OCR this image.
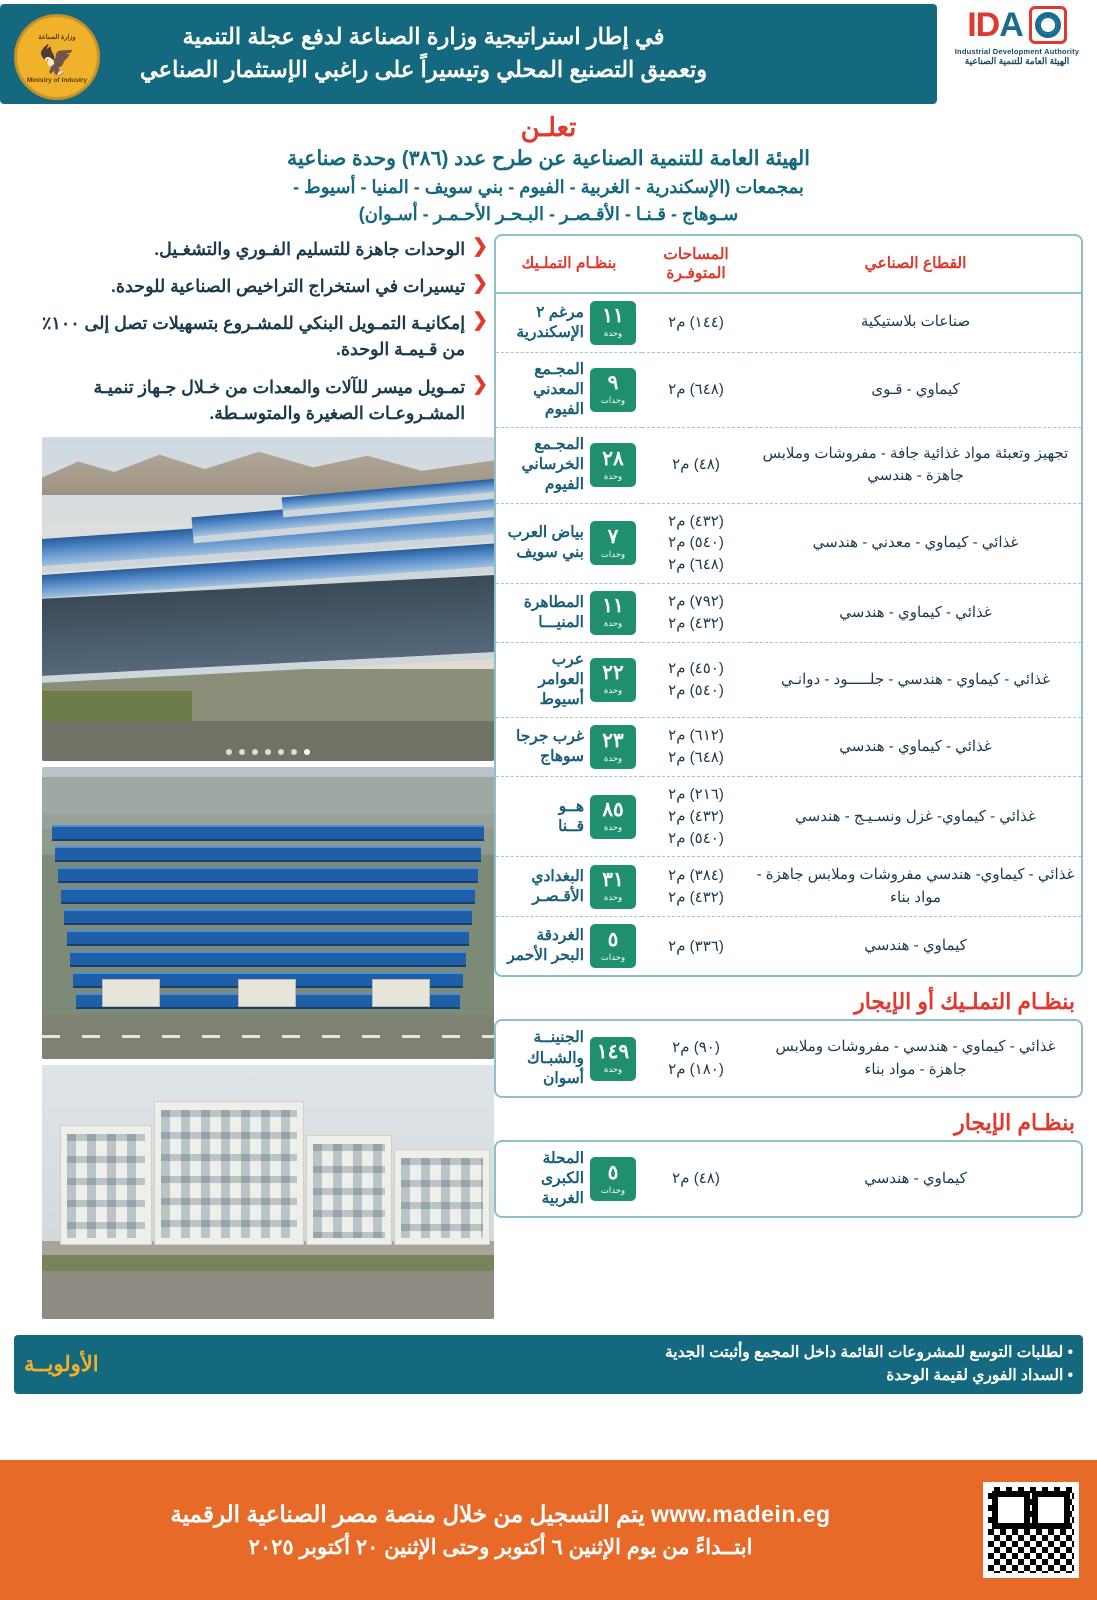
IDA
Industrial Development Authority
الهيئة العامة للتنمية الصناعية
في إطار استراتيجية وزارة الصناعة لدفع عجلة التنمية
وتعميق التصنيع المحلي وتيسيراً على راغبي الإستثمار الصناعي
وزارة الصناعة
🦅
Ministry of Industry
تعلـن
الهيئة العامة للتنمية الصناعية عن طرح عدد (٣٨٦) وحدة صناعية
بمجمعات (الإسكندرية - الغربية - الفيوم - بني سويف - المنيا - أسيوط -
سـوهاج - قـنـا - الأقـصـر - البـحـر الأحـمـر - أسـوان)
القطاع الصناعي	المساحات المتوفـرة	بنظـام التملـيك
صناعات بلاستيكية	(١٤٤) م٢	١١
وحدة
مرغم ٢
الإسكندرية

كيماوي - قـوى	(٦٤٨) م٢	٩
وحدات
المجـمع
المعدني
الفيوم

تجهيز وتعبئة مواد غذائية جافة - مفروشات وملابس جاهزة - هندسي	(٤٨) م٢	٢٨
وحدة
المجـمع
الخرساني
الفيوم

غذائي - كيماوي - معدني - هندسي	
(٤٣٢) م٢
(٥٤٠) م٢
(٦٤٨) م٢

٧
وحدات
بياض العرب
بني سويف

غذائي - كيماوي - هندسي	
(٧٩٢) م٢
(٤٣٢) م٢

١١
وحدة
المطاهرة
المنيـــا

غذائي - كيماوي - هندسي - جلـــــود - دوانـي	
(٤٥٠) م٢
(٥٤٠) م٢

٢٢
وحدة
عرب العوامر
أسيوط

غذائي - كيماوي - هندسي	
(٦١٢) م٢
(٦٤٨) م٢

٢٣
وحدة
غرب جرجا
سوهاج

غذائي - كيماوي- غزل ونسـيـج - هندسي	
(٢١٦) م٢
(٤٣٢) م٢
(٥٤٠) م٢

٨٥
وحدة
هــو
قــنا

غذائي - كيماوي- هندسي مفروشات وملابس جاهزة - مواد بناء	
(٣٨٤) م٢
(٤٣٢) م٢

٣١
وحدة
البغدادي
الأقـصـر

كيماوي - هندسي	(٣٣٦) م٢	٥
وحدات
الغردقة
البحر الأحمر
بنظـام التملـيك أو الإيجار
غذائي - كيماوي - هندسي - مفروشات وملابس جاهزة - مواد بناء	
(٩٠) م٢
(١٨٠) م٢

١٤٩
وحدة
الجنينــة
والشبـاك
أسوان
بنظـام الإيجار
كيماوي - هندسي	
(٤٨) م٢

٥
وحدات
المحلة الكبرى
الغربية
❮
الوحدات جاهزة للتسليم الفـوري والتشغـيل.
❮
تيسيرات في استخراج التراخيص الصناعية للوحدة.
❮
إمكانيـة التمـويل البنكي للمشـروع بتسهيلات تصل إلى ١٠٠٪ من قـيمـة الوحدة.
❮
تمـويل ميسر للآلات والمعدات من خـلال جـهاز تنميـة المشـروعـات الصغيرة والمتوسـطة.
• لطلبات التوسع للمشروعات القائمة داخل المجمع وأثبتت الجدية
• السداد الفوري لقيمة الوحدة
الأولويــة
www.madein.eg يتم التسجيل من خلال منصة مصر الصناعية الرقمية
ابتــداءً من يوم الإثنين ٦ أكتوبر وحتى الإثنين ٢٠ أكتوبر ٢٠٢٥
